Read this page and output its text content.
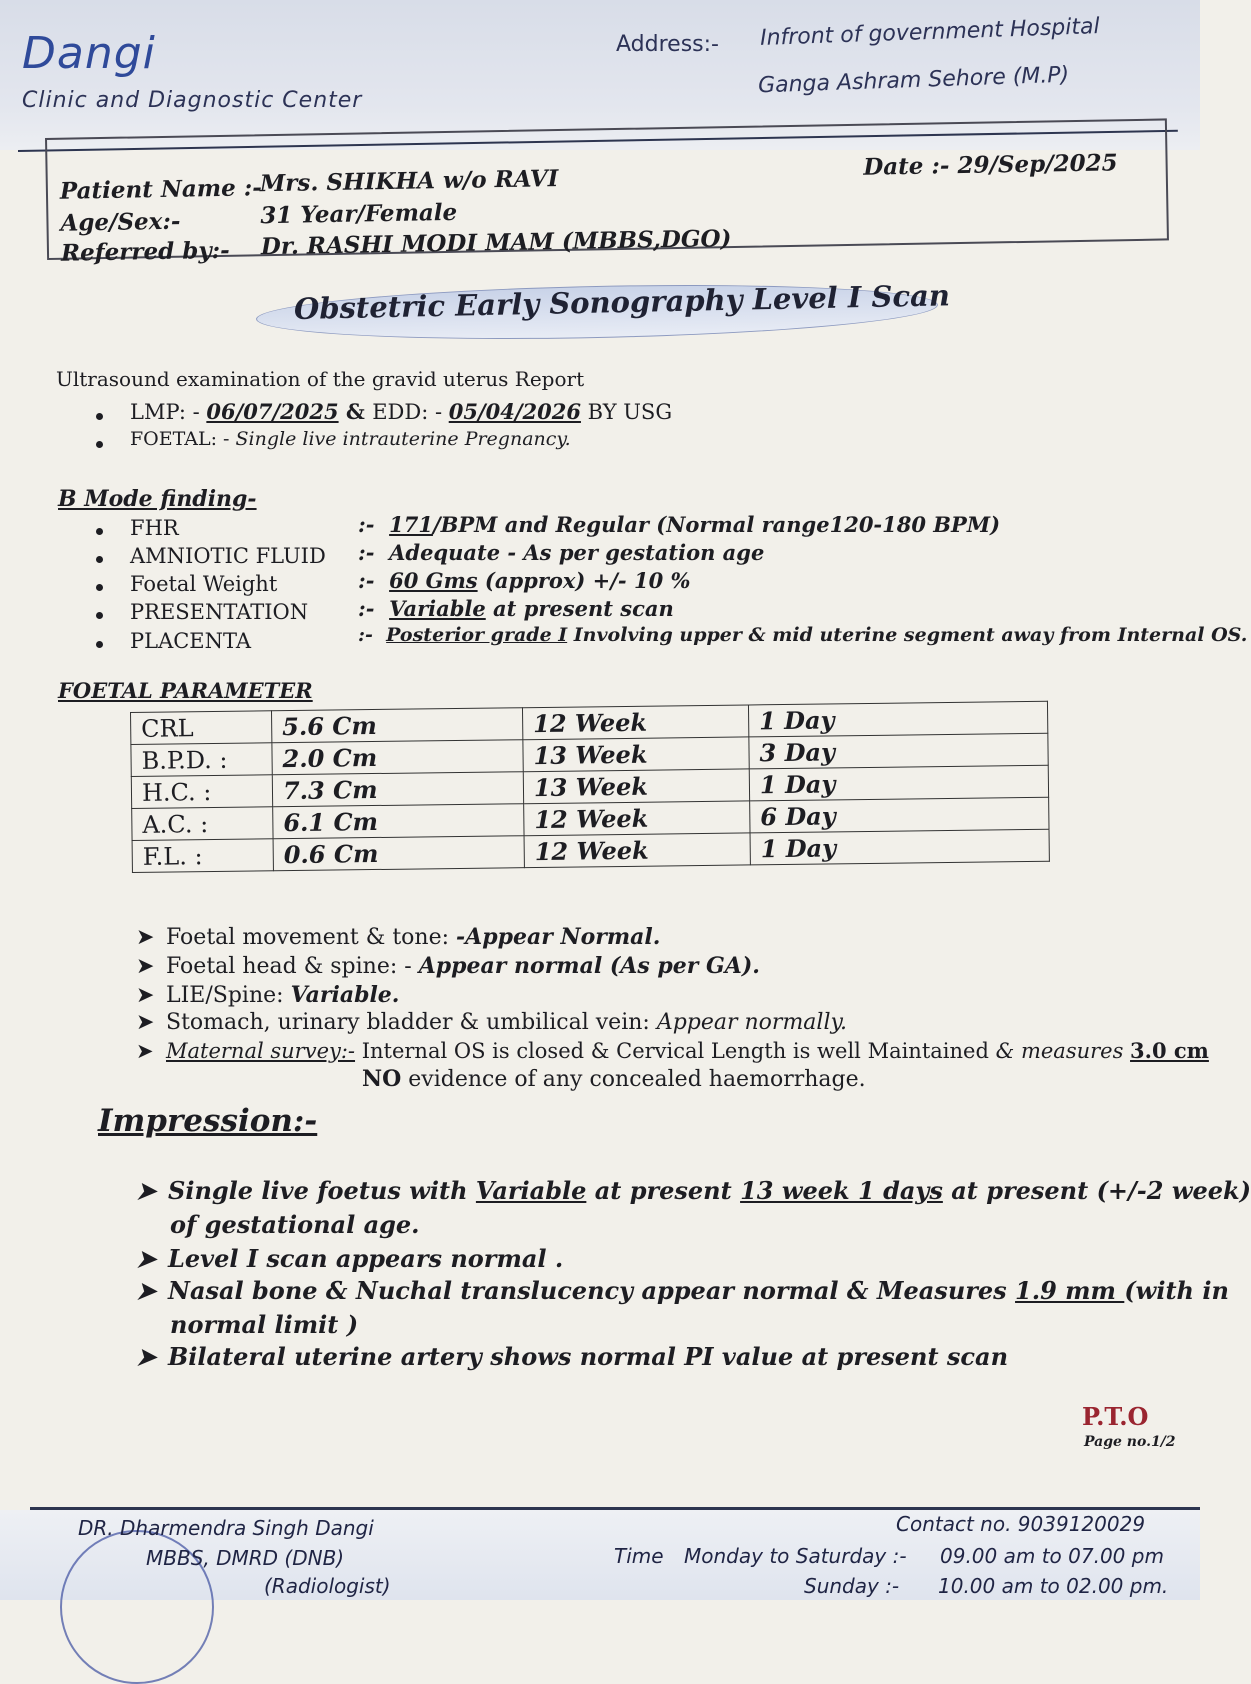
Dangi
Clinic and Diagnostic Center
Address:- Infront of government Hospital
Ganga Ashram Sehore (M.P)
Patient Name :-
Mrs. SHIKHA w/o RAVI
Age/Sex:-	31 Year/Female
Referred by:- Dr. RASHI MODI MAM (MBBS,DGO)
Date :- 29/Sep/2025
Obstetric Early Sonography Level I Scan
Ultrasound examination of the gravid uterus Report
LMP: - 06/07/2025 & EDD: - 05/04/2026 BY USG
FOETAL: - Single live intrauterine Pregnancy.
B Mode finding-
FHR	:- 171/BPM and Regular (Normal range120-180 BPM)
AMNIOTIC FLUID :- Adequate - As per gestation age
Foetal Weight	:- 60 Gms (approx) +/- 10 %
PRESENTATION :- Variable at present scan
PLACENTA	:- Posterior grade I Involving upper & mid uterine segment away from Internal OS.
FOETAL PARAMETER
CRL	5.6 Cm	12 Week	1 Day
B.P.D. :	2.0 Cm	13 Week	3 Day
H.C. :	7.3 Cm	13 Week	1 Day
A.C. :	6.1 Cm	12 Week	6 Day
F.L. :	0.6 Cm	12 Week	1 Day
➤ Foetal movement & tone: -Appear Normal.
➤ Foetal head & spine: - Appear normal (As per GA).
➤ LIE/Spine: Variable.
➤ Stomach, urinary bladder & umbilical vein: Appear normally.
➤ Maternal survey:- Internal OS is closed & Cervical Length is well Maintained & measures 3.0 cm
NO evidence of any concealed haemorrhage.
Impression:-
➤ Single live foetus with Variable at present 13 week 1 days at present (+/-2 week)
of gestational age.
➤ Level I scan appears normal .
➤ Nasal bone & Nuchal translucency appear normal & Measures 1.9 mm (with in
normal limit )
➤ Bilateral uterine artery shows normal PI value at present scan
P.T.O
Page no.1/2
DR. Dharmendra Singh Dangi
MBBS, DMRD (DNB)
(Radiologist)
Contact no. 9039120029
Time Monday to Saturday :- 09.00 am to 07.00 pm
Sunday :- 10.00 am to 02.00 pm.
